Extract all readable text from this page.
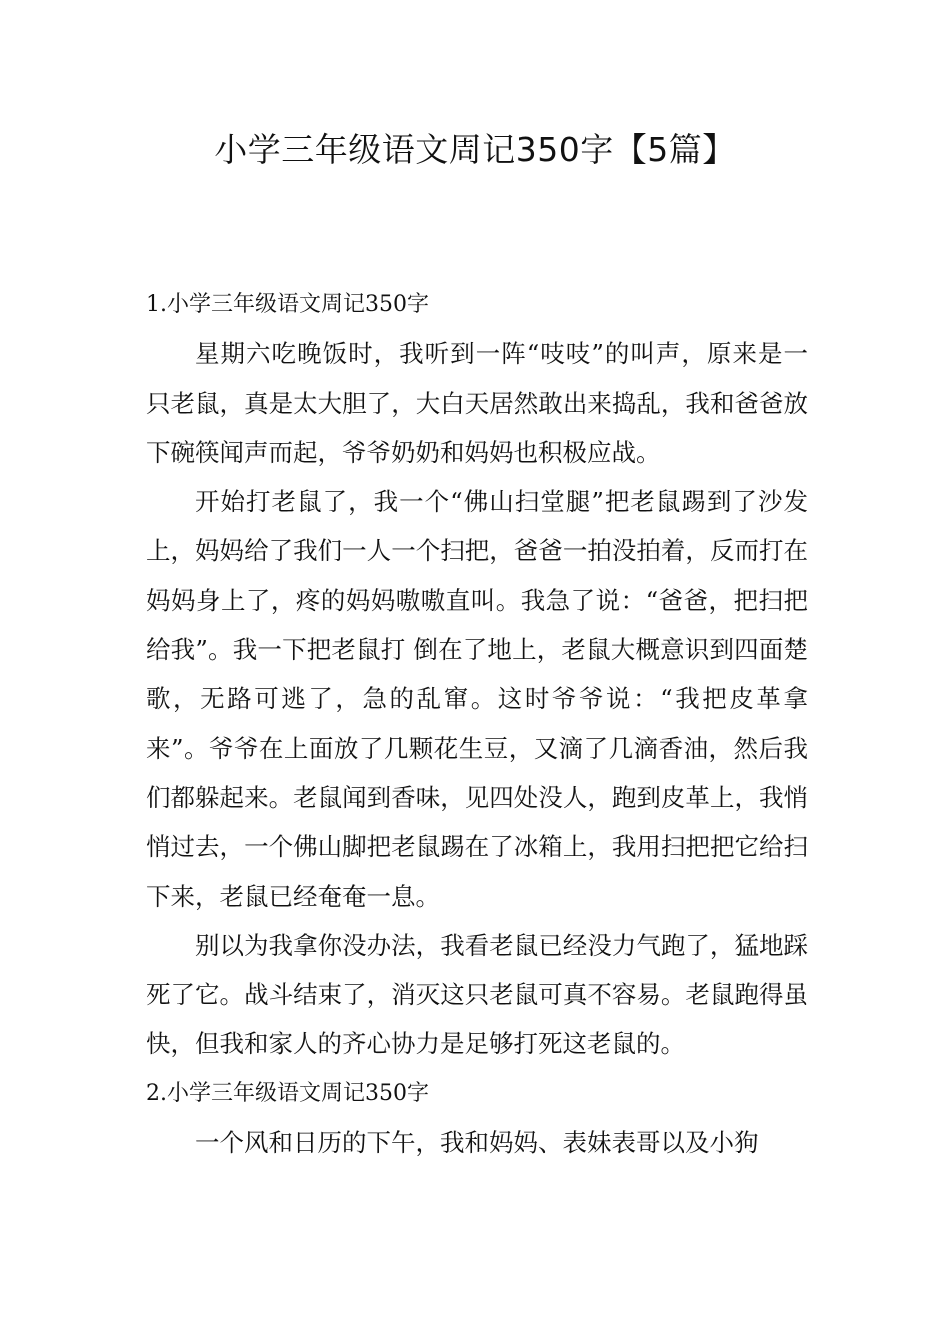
小学三年级语文周记350字【5篇】
1.小学三年级语文周记350字

星期六吃晚饭时，我听到一阵“吱吱”的叫声，原来是一只老鼠，真是太大胆了，大白天居然敢出来捣乱，我和爸爸放下碗筷闻声而起，爷爷奶奶和妈妈也积极应战。

开始打老鼠了，我一个“佛山扫堂腿”把老鼠踢到了沙发上，妈妈给了我们一人一个扫把，爸爸一拍没拍着，反而打在妈妈身上了，疼的妈妈嗷嗷直叫。我急了说：“爸爸，把扫把给我”。我一下把老鼠打 倒在了地上，老鼠大概意识到四面楚歌，无路可逃了，急的乱窜。这时爷爷说：“我把皮革拿来”。爷爷在上面放了几颗花生豆，又滴了几滴香油，然后我们都躲起来。老鼠闻到香味，见四处没人，跑到皮革上，我悄悄过去，一个佛山脚把老鼠踢在了冰箱上，我用扫把把它给扫下来，老鼠已经奄奄一息。

别以为我拿你没办法，我看老鼠已经没力气跑了，猛地踩死了它。战斗结束了，消灭这只老鼠可真不容易。老鼠跑得虽快，但我和家人的齐心协力是足够打死这老鼠的。

2.小学三年级语文周记350字

一个风和日历的下午，我和妈妈、表妹表哥以及小狗
